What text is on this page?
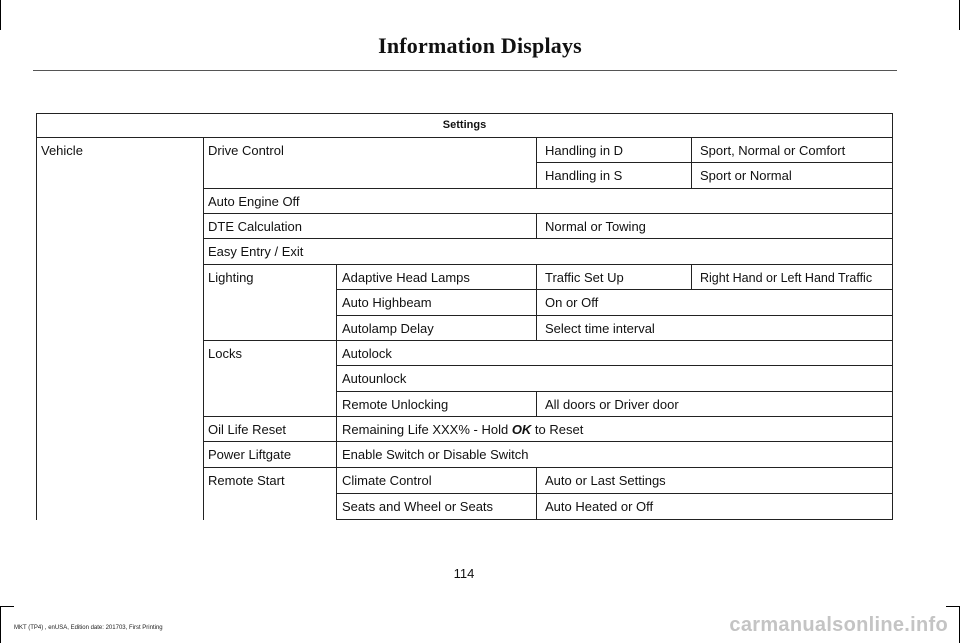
Information Displays
Settings
Vehicle	Drive Control
Auto Engine Off
DTE Calculation
Easy Entry / Exit
Lighting
Locks
Oil Life Reset
Power Liftgate
Remote Start
Adaptive Head Lamps
Auto Highbeam
Autolamp Delay
Autolock
Autounlock
Remote Unlocking
Remaining Life XXX% - Hold OK to Reset
Enable Switch or Disable Switch
Climate Control
Seats and Wheel or Seats
Handling in D
Handling in S
Normal or Towing
Traffic Set Up
On or Off
Select time interval
All doors or Driver door
Auto or Last Settings
Auto Heated or Off
Sport, Normal or Comfort
Sport or Normal
Right Hand or Left Hand Traffic
114
MKT (TP4) , enUSA, Edition date: 201703, First Printing	carmanualsonline.info
